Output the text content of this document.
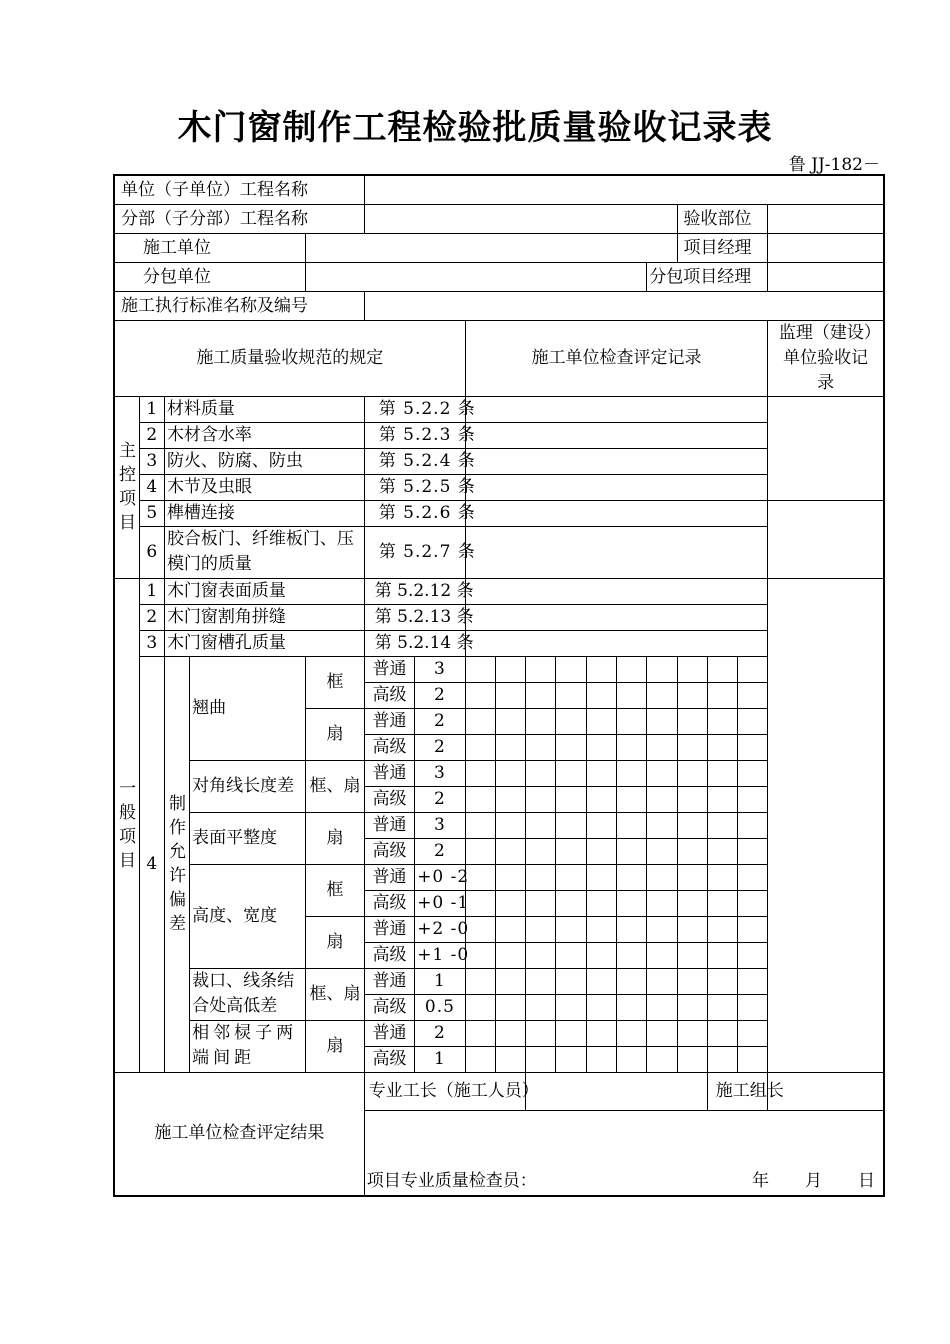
木门窗制作工程检验批质量验收记录表
鲁 JJ-182－
单位（子单位）工程名称																	
分部（子分部）工程名称														验收部位			
施工单位														项目经理			
分包单位													分包项目经理				
施工执行标准名称及编号																	
施工质量验收规范的规定							施工单位检查评定记录										监理（建设）单位验收记录
主控项目	1	材料质量			第 5.2.2 条												
	2	木材含水率			第 5.2.3 条												
	3	防火、防腐、防虫			第 5.2.4 条												
	4	木节及虫眼			第 5.2.5 条												
	5	榫槽连接			第 5.2.6 条												
	6	胶合板门、纤维板门、压模门的质量			第 5.2.7 条												
一般项目	1	木门窗表面质量			第 5.2.12 条												
	2	木门窗割角拼缝			第 5.2.13 条											
	3	木门窗槽孔质量			第 5.2.14 条											
	4	制作允许偏差	翘曲	框	普通	3											
					高级	2											
				扇	普通	2											
					高级	2											
			对角线长度差	框、扇	普通	3											
					高级	2											
			表面平整度	扇	普通	3											
					高级	2											
			高度、宽度	框	普通	+0 -2											
					高级	+0 -1											
				扇	普通	+2 -0											
					高级	+1 -0											
			裁口、线条结合处高低差	框、扇	普通	1											
					高级	0.5											
			相邻棂子两端间距	扇	普通	2											
					高级	1											
施工单位检查评定结果					专业工长（施工人员）										施工组长		

					项目专业质量检查员： 年 月 日												
